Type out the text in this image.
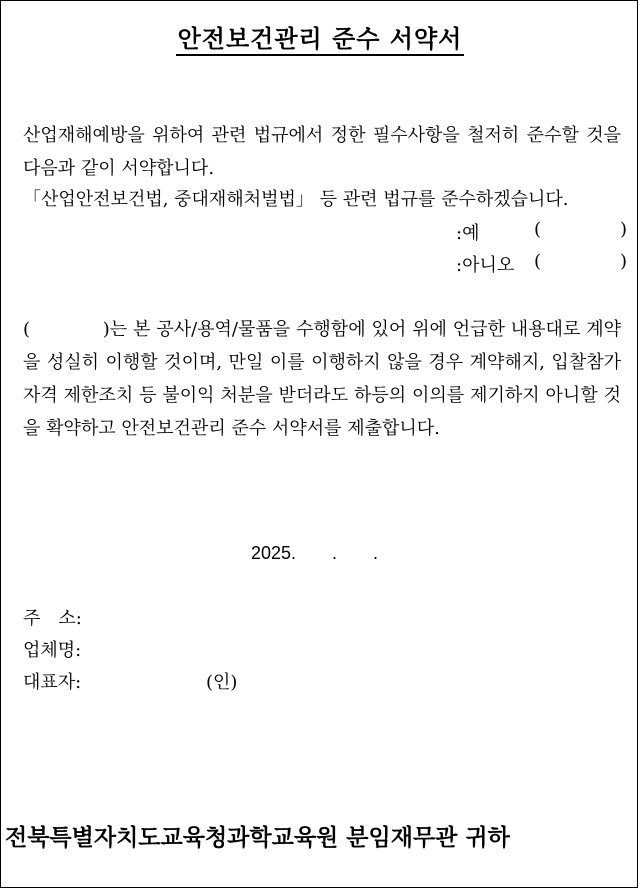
안전보건관리 준수 서약서
산업재해예방을 위하여 관련 법규에서 정한 필수사항을 철저히 준수할 것을 다음과 같이 서약합니다.
「산업안전보건법, 중대재해처벌법」 등 관련 법규를 준수하겠습니다.
:예	(	)
:아니오 (	)
(　　　　)는 본 공사/용역/물품을 수행함에 있어 위에 언급한 내용대로 계약을 성실히 이행할 것이며, 만일 이를 이행하지 않을 경우 계약해지, 입찰참가자격 제한조치 등 불이익 처분을 받더라도 하등의 이의를 제기하지 아니할 것을 확약하고 안전보건관리 준수 서약서를 제출합니다.
2025.　　.　　.
주　소:
업체명:
대표자:	(인)
전북특별자치도교육청과학교육원 분임재무관 귀하
